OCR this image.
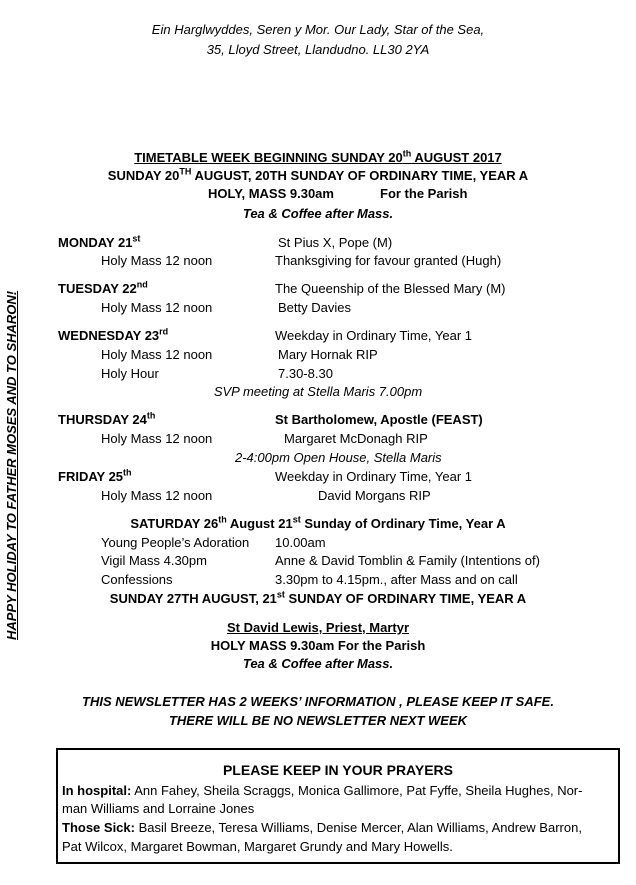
Ein Harglwyddes, Seren y Mor. Our Lady, Star of the Sea,
35, Lloyd Street, Llandudno. LL30 2YA
TIMETABLE WEEK BEGINNING SUNDAY 20th AUGUST 2017
SUNDAY 20TH AUGUST, 20TH SUNDAY OF ORDINARY TIME, YEAR A
HOLY, MASS 9.30am	For the Parish
Tea & Coffee after Mass.
MONDAY 21st	St Pius X, Pope (M)
Holy Mass 12 noon	Thanksgiving for favour granted (Hugh)
TUESDAY 22nd	The Queenship of the Blessed Mary (M)
Holy Mass 12 noon	Betty Davies
WEDNESDAY 23rd	Weekday in Ordinary Time, Year 1
Holy Mass 12 noon	Mary Hornak RIP
Holy Hour	7.30-8.30
SVP meeting at Stella Maris 7.00pm
THURSDAY 24th	St Bartholomew, Apostle (FEAST)
Holy Mass 12 noon	Margaret McDonagh RIP
2-4:00pm Open House, Stella Maris
FRIDAY 25th	Weekday in Ordinary Time, Year 1
Holy Mass 12 noon	David Morgans RIP
SATURDAY 26th August 21st Sunday of Ordinary Time, Year A
Young People’s Adoration 10.00am
Vigil Mass 4.30pm	Anne & David Tomblin & Family (Intentions of)
Confessions	3.30pm to 4.15pm., after Mass and on call
SUNDAY 27TH AUGUST, 21st SUNDAY OF ORDINARY TIME, YEAR A
St David Lewis, Priest, Martyr
HOLY MASS 9.30am For the Parish
Tea & Coffee after Mass.
THIS NEWSLETTER HAS 2 WEEKS’ INFORMATION , PLEASE KEEP IT SAFE.
THERE WILL BE NO NEWSLETTER NEXT WEEK
HAPPY HOLIDAY TO FATHER MOSES AND TO SHARON!
PLEASE KEEP IN YOUR PRAYERS
In hospital: Ann Fahey, Sheila Scraggs, Monica Gallimore, Pat Fyffe, Sheila Hughes, Nor-
man Williams and Lorraine Jones
Those Sick: Basil Breeze, Teresa Williams, Denise Mercer, Alan Williams, Andrew Barron,
Pat Wilcox, Margaret Bowman, Margaret Grundy and Mary Howells.
